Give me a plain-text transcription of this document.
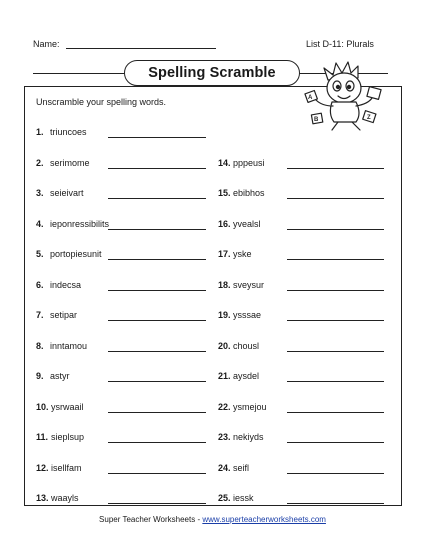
Name:	List D-11: Plurals
Spelling Scramble
A
Z
B
Unscramble your spelling words.
1. triuncoes
2. serimome
3. seieivart
4. ieponressibilits
5. portopiesunit
6. indecsa
7. setipar
8. inntamou
9. astyr
10. ysrwaail
11. sieplsup
12. isellfam
13. waayls
14. pppeusi
15. ebibhos
16. yvealsl
17. yske
18. sveysur
19. ysssae
20. chousl
21. aysdel
22. ysmejou
23. nekiyds
24. seifl
25. iessk
Super Teacher Worksheets - www.superteacherworksheets.com
